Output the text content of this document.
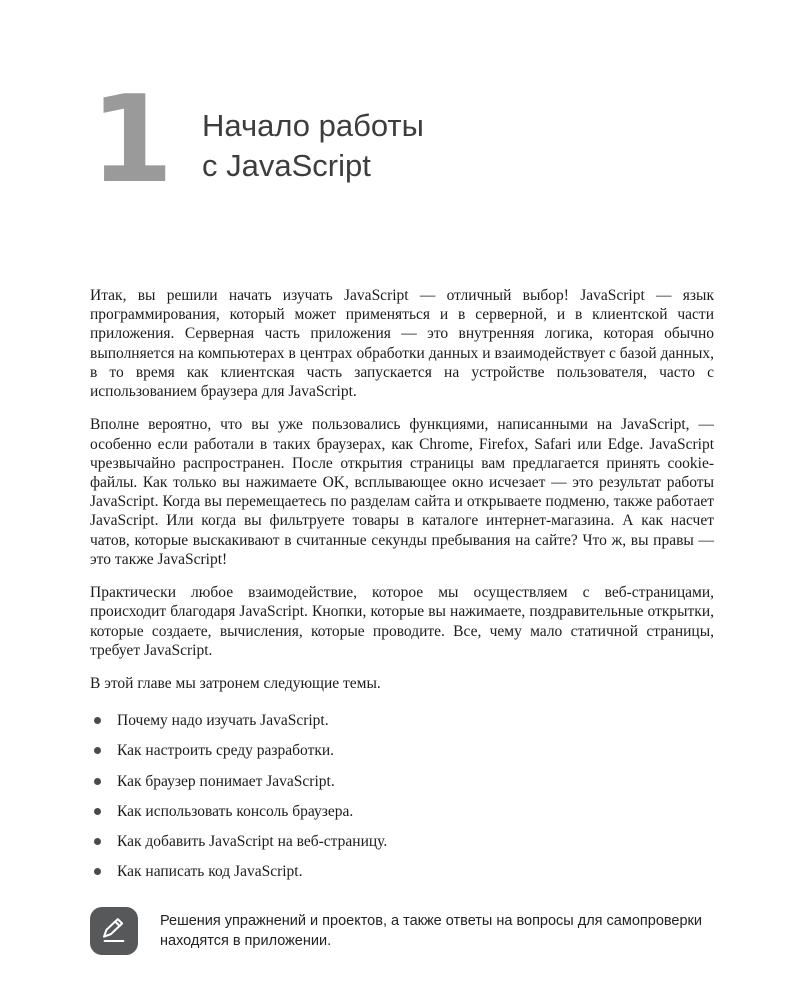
1	Начало работы
с JavaScript

Итак, вы решили начать изучать JavaScript — отличный выбор! JavaScript — язык программирования, который может применяться и в серверной, и в клиентской части приложения. Серверная часть приложения — это внутренняя логика, которая обычно выполняется на компьютерах в центрах обработки данных и взаимодействует с базой данных, в то время как клиентская часть запускается на устройстве пользователя, часто с использованием браузера для JavaScript.

Вполне вероятно, что вы уже пользовались функциями, написанными на JavaScript, — особенно если работали в таких браузерах, как Chrome, Firefox, Safari или Edge. JavaScript чрезвычайно распространен. После открытия страницы вам предлагается принять cookie-файлы. Как только вы нажимаете OK, всплывающее окно исчезает — это результат работы JavaScript. Когда вы перемещаетесь по разделам сайта и открываете подменю, также работает JavaScript. Или когда вы фильтруете товары в каталоге интернет-магазина. А как насчет чатов, которые выскакивают в считанные секунды пребывания на сайте? Что ж, вы правы — это также JavaScript!

Практически любое взаимодействие, которое мы осуществляем с веб-страницами, происходит благодаря JavaScript. Кнопки, которые вы нажимаете, поздравительные открытки, которые создаете, вычисления, которые проводите. Все, чему мало статичной страницы, требует JavaScript.

В этой главе мы затронем следующие темы.

Почему надо изучать JavaScript.
Как настроить среду разработки.
Как браузер понимает JavaScript.
Как использовать консоль браузера.
Как добавить JavaScript на веб-страницу.
Как написать код JavaScript.

Решения упражнений и проектов, а также ответы на вопросы для самопроверки находятся в приложении.
